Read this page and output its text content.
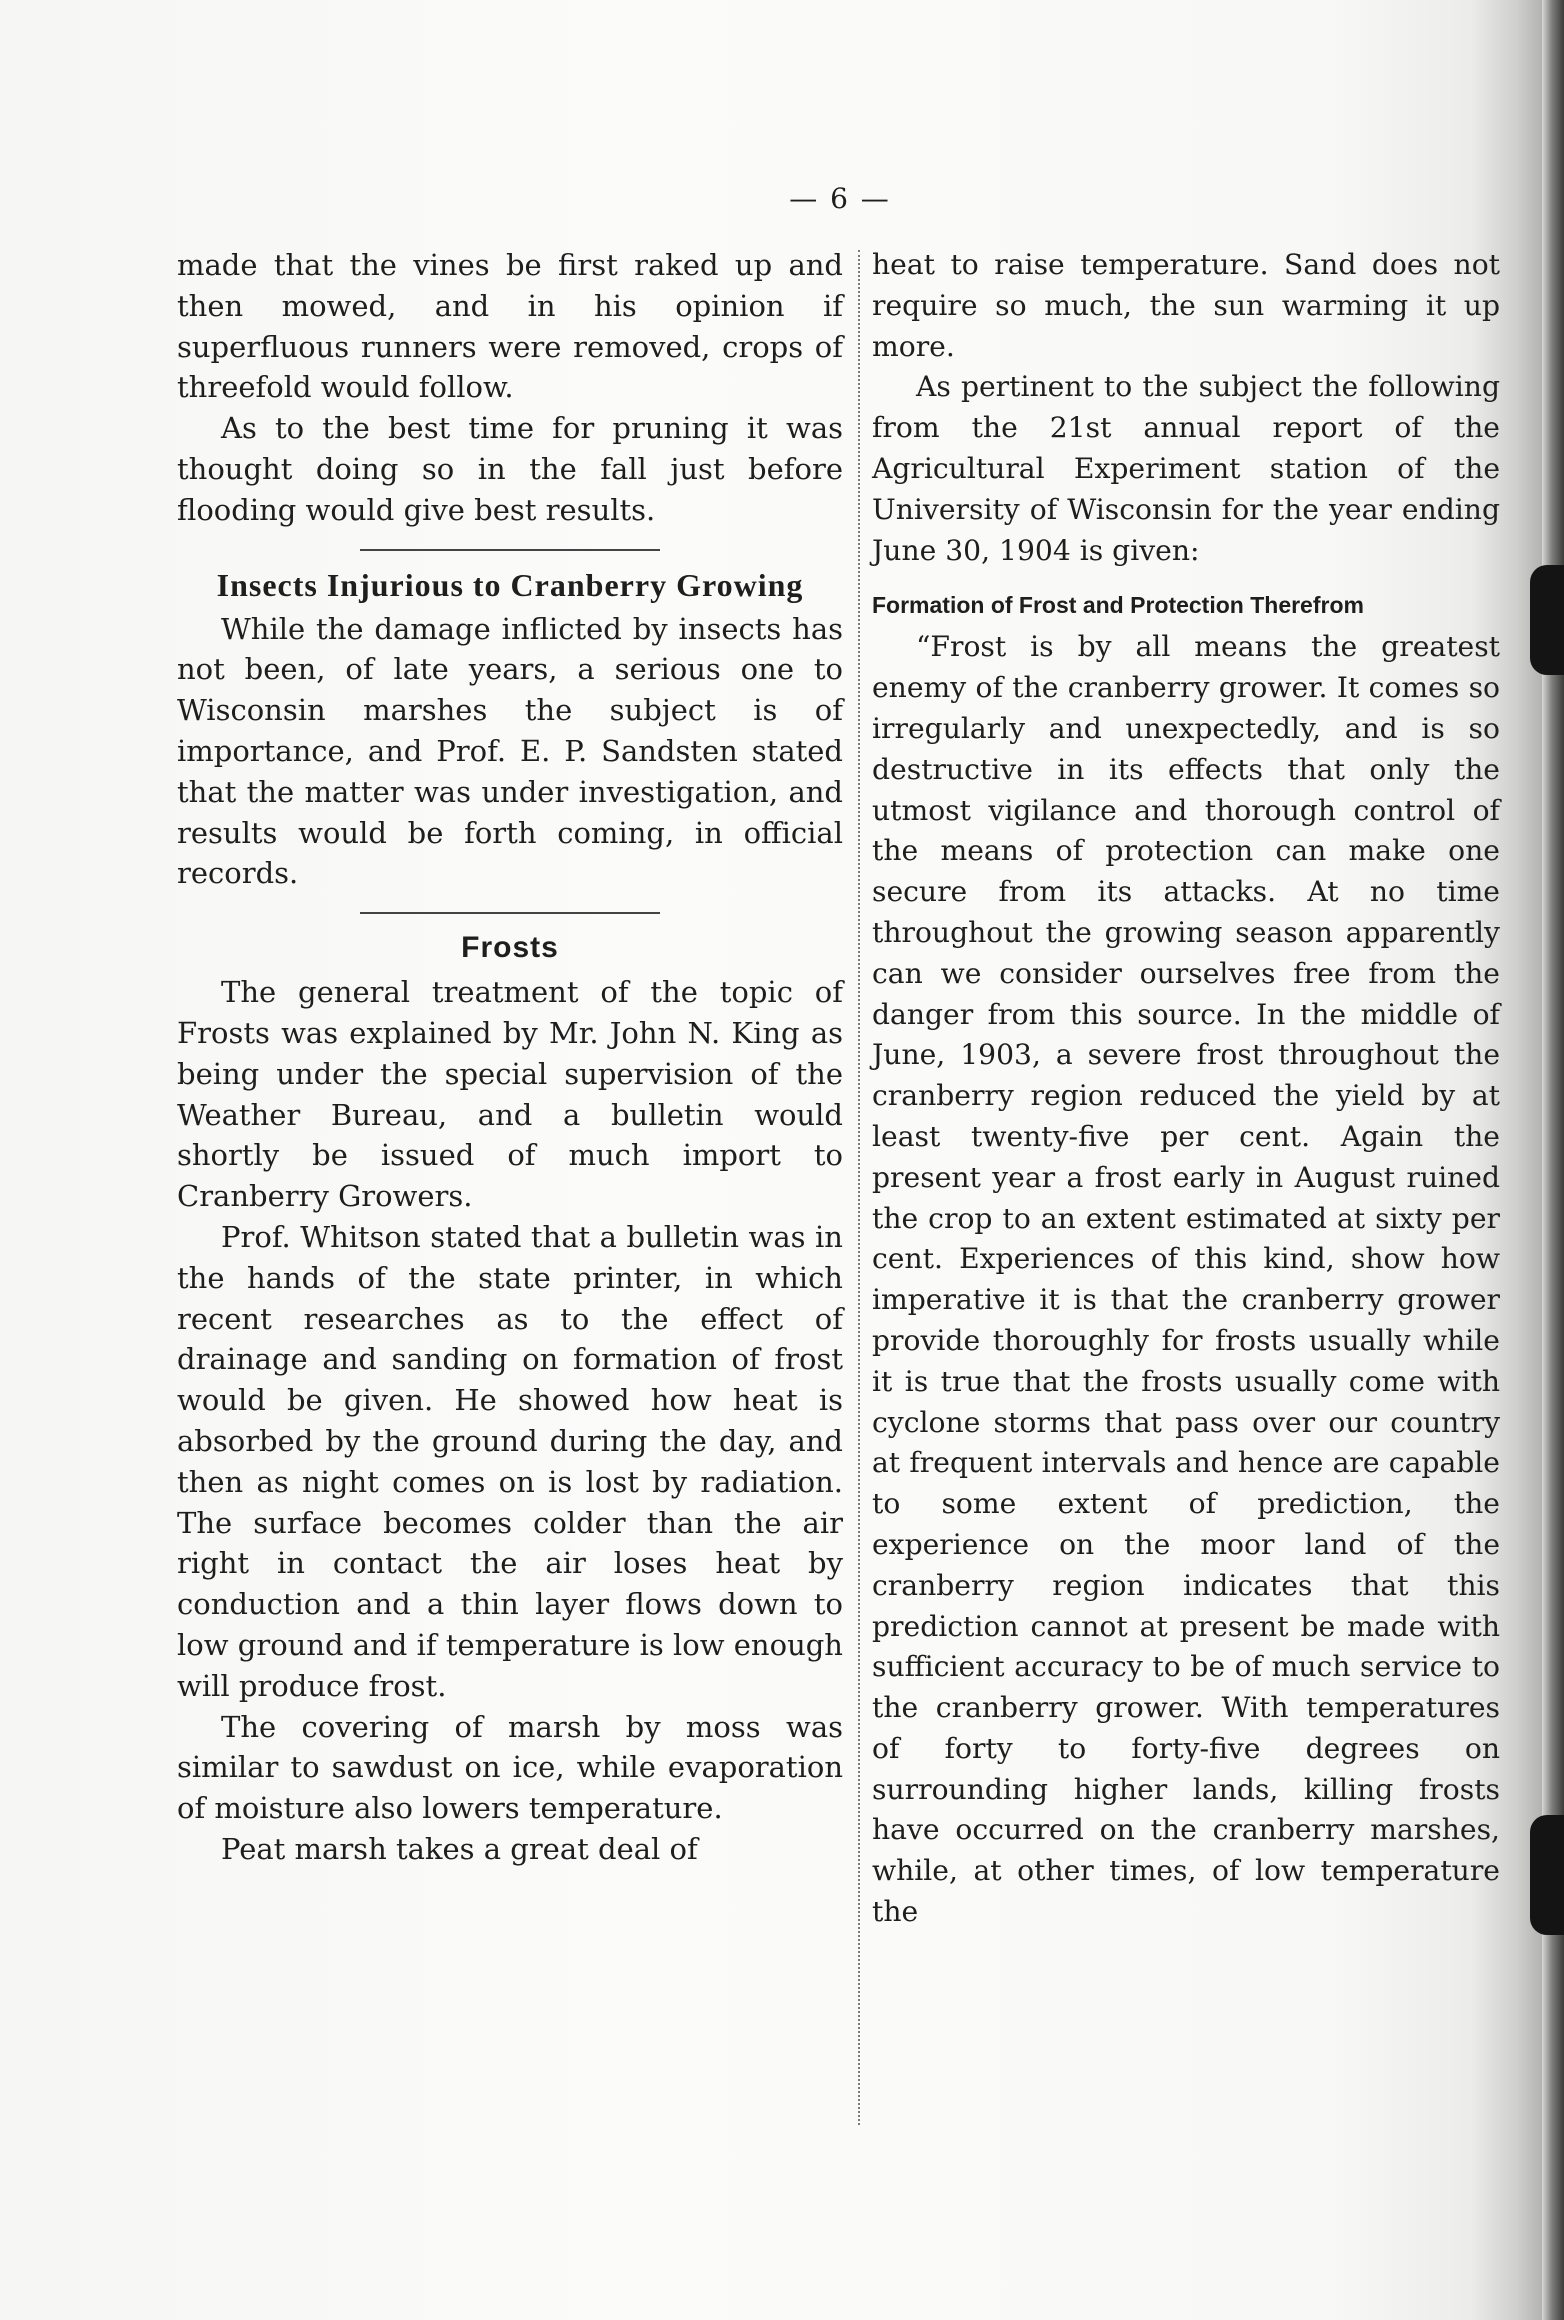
— 6 —

made that the vines be first raked up and then mowed, and in his opinion if superfluous runners were removed, crops of threefold would follow.

As to the best time for pruning it was thought doing so in the fall just before flooding would give best results.

Insects Injurious to Cranberry Growing

While the damage inflicted by insects has not been, of late years, a serious one to Wisconsin marshes the subject is of importance, and Prof. E. P. Sandsten stated that the matter was under investigation, and results would be forth coming, in official records.

Frosts

The general treatment of the topic of Frosts was explained by Mr. John N. King as being under the special supervision of the Weather Bureau, and a bulletin would shortly be issued of much import to Cranberry Growers.

Prof. Whitson stated that a bulletin was in the hands of the state printer, in which recent researches as to the effect of drainage and sanding on formation of frost would be given. He showed how heat is absorbed by the ground during the day, and then as night comes on is lost by radiation. The surface becomes colder than the air right in contact the air loses heat by conduction and a thin layer flows down to low ground and if temperature is low enough will produce frost.

The covering of marsh by moss was similar to sawdust on ice, while evaporation of moisture also lowers temperature.

Peat marsh takes a great deal of

heat to raise temperature. Sand does not require so much, the sun warming it up more.

As pertinent to the subject the following from the 21st annual report of the Agricultural Experiment station of the University of Wisconsin for the year ending June 30, 1904 is given:

Formation of Frost and Protection Therefrom

“Frost is by all means the greatest enemy of the cranberry grower. It comes so irregularly and unexpectedly, and is so destructive in its effects that only the utmost vigilance and thorough control of the means of protection can make one secure from its attacks. At no time throughout the growing season apparently can we consider ourselves free from the danger from this source. In the middle of June, 1903, a severe frost throughout the cranberry region reduced the yield by at least twenty-five per cent. Again the present year a frost early in August ruined the crop to an extent estimated at sixty per cent. Experiences of this kind, show how imperative it is that the cranberry grower provide thoroughly for frosts usually while it is true that the frosts usually come with cyclone storms that pass over our country at frequent intervals and hence are capable to some extent of prediction, the experience on the moor land of the cranberry region indicates that this prediction cannot at present be made with sufficient accuracy to be of much service to the cranberry grower. With temperatures of forty to forty-five degrees on surrounding higher lands, killing frosts have occurred on the cranberry marshes, while, at other times, of low temperature the
